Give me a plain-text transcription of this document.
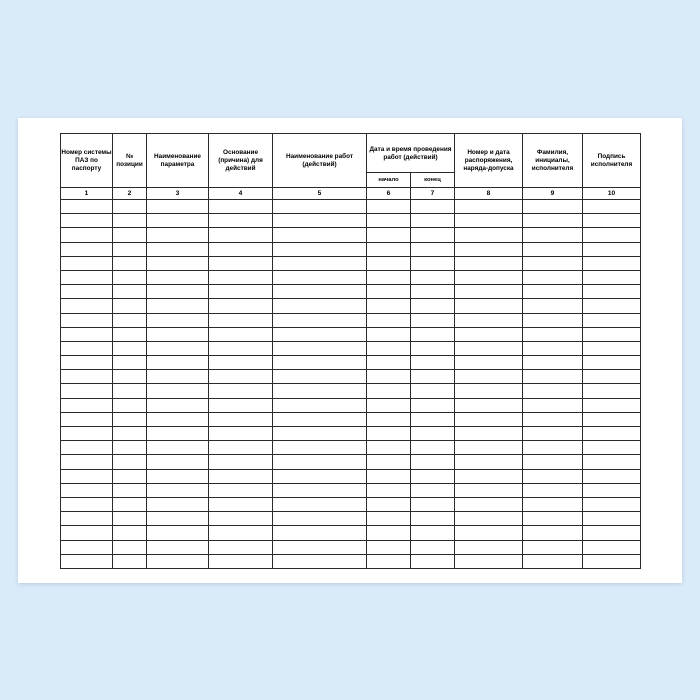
Номер системы ПАЗ по паспорту	№ позиции	Наименование параметра	Основание (причина) для действий	Наименование работ (действий)	Дата и время проведения работ (действий)		Номер и дата распоряжения, наряда-допуска	Фамилия, инициалы, исполнителя	Подпись исполнителя
					начало	конец			
1	2	3	4	5	6	7	8	9	10
